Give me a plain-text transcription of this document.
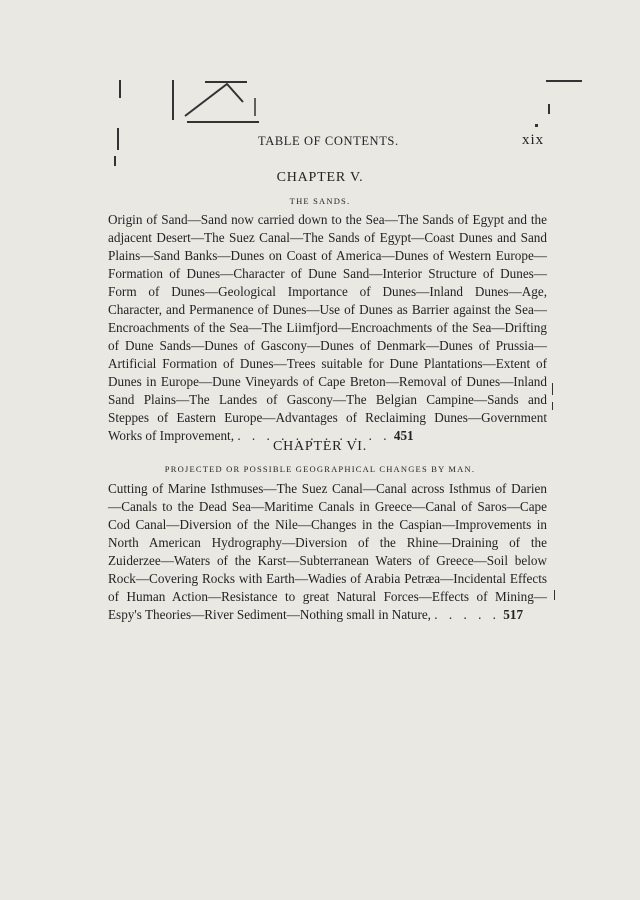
TABLE OF CONTENTS.	xix
CHAPTER V.
THE SANDS.
Origin of Sand—Sand now carried down to the Sea—The Sands of Egypt and the adjacent Desert—The Suez Canal—The Sands of Egypt—Coast Dunes and Sand Plains—Sand Banks—Dunes on Coast of America—Dunes of Western Europe—Formation of Dunes—Character of Dune Sand—Interior Structure of Dunes—Form of Dunes—Geological Importance of Dunes—Inland Dunes—Age, Character, and Permanence of Dunes—Use of Dunes as Barrier against the Sea—Encroachments of the Sea—The Liimfjord—Encroachments of the Sea—Drifting of Dune Sands—Dunes of Gascony—Dunes of Denmark—Dunes of Prussia—Artificial Formation of Dunes—Trees suitable for Dune Plantations—Extent of Dunes in Europe—Dune Vineyards of Cape Breton—Removal of Dunes—Inland Sand Plains—The Landes of Gascony—The Belgian Campine—Sands and Steppes of Eastern Europe—Advantages of Reclaiming Dunes—Government Works of Improvement, . . . . . . . . . . . 451
CHAPTER VI.
PROJECTED OR POSSIBLE GEOGRAPHICAL CHANGES BY MAN.
Cutting of Marine Isthmuses—The Suez Canal—Canal across Isthmus of Darien—Canals to the Dead Sea—Maritime Canals in Greece—Canal of Saros—Cape Cod Canal—Diversion of the Nile—Changes in the Caspian—Improvements in North American Hydrography—Diversion of the Rhine—Draining of the Zuiderzee—Waters of the Karst—Subterranean Waters of Greece—Soil below Rock—Covering Rocks with Earth—Wadies of Arabia Petræa—Incidental Effects of Human Action—Resistance to great Natural Forces—Effects of Mining—Espy's Theories—River Sediment—Nothing small in Nature, . . . . . 517
